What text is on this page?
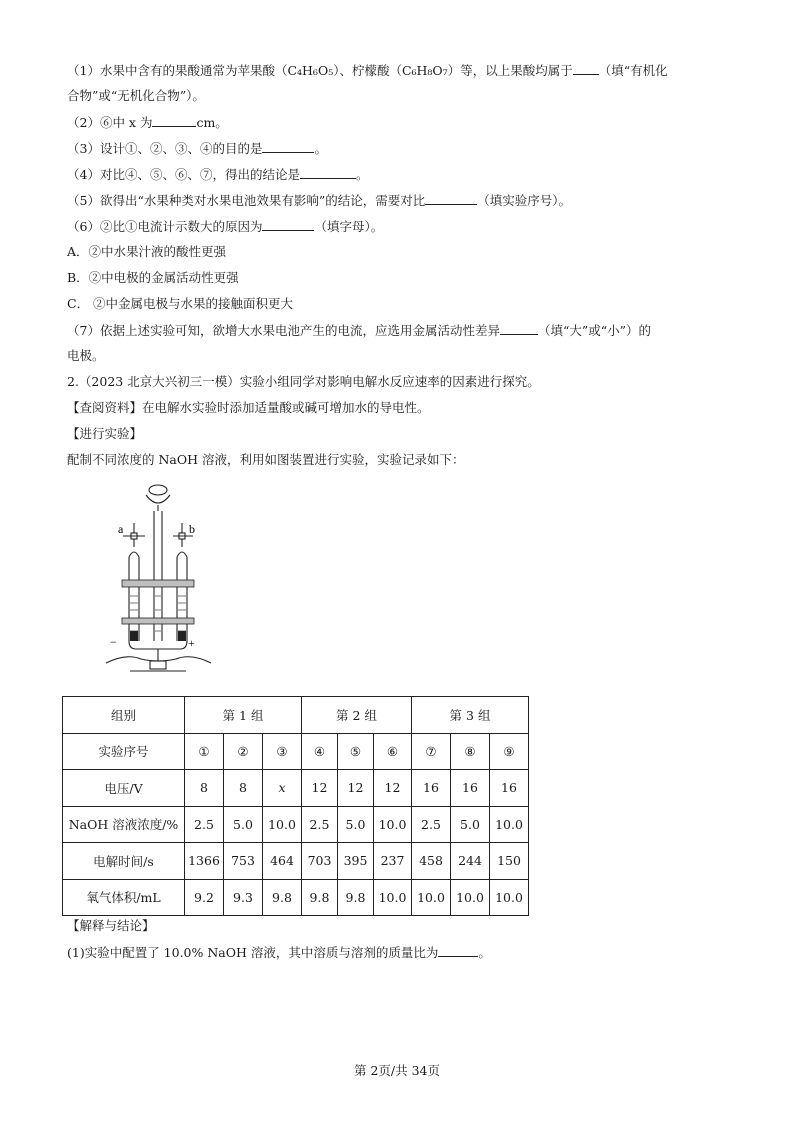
（1）水果中含有的果酸通常为苹果酸（C₄H₆O₅）、柠檬酸（C₆H₈O₇）等，以上果酸均属于 （填“有机化
合物”或“无机化合物”）。
（2）⑥中 x 为	cm。
（3）设计①、②、③、④的目的是	。
（4）对比④、⑤、⑥、⑦，得出的结论是	。
（5）欲得出“水果种类对水果电池效果有影响”的结论，需要对比	（填实验序号）。
（6）②比①电流计示数大的原因为	（填字母）。
A．②中水果汁液的酸性更强
B．②中电极的金属活动性更强
C． ②中金属电极与水果的接触面积更大
（7）依据上述实验可知，欲增大水果电池产生的电流，应选用金属活动性差异	（填“大”或“小”）的
电极。
2.（2023 北京大兴初三一模）实验小组同学对影响电解水反应速率的因素进行探究。
【查阅资料】在电解水实验时添加适量酸或碱可增加水的导电性。
【进行实验】
配制不同浓度的 NaOH 溶液，利用如图装置进行实验，实验记录如下：
a	b
−	+
组别	第 1 组			第 2 组			第 3 组		
实验序号	①	②	③	④	⑤	⑥	⑦	⑧	⑨
电压/V	8	8	x	12	12	12	16	16	16
NaOH 溶液浓度/%	2.5	5.0	10.0	2.5	5.0	10.0	2.5	5.0	10.0
电解时间/s	1366	753	464	703	395	237	458	244	150
氧气体积/mL	9.2	9.3	9.8	9.8	9.8	10.0	10.0	10.0	10.0
【解释与结论】
(1)实验中配置了 10.0% NaOH 溶液，其中溶质与溶剂的质量比为	。
第 2页/共 34页
